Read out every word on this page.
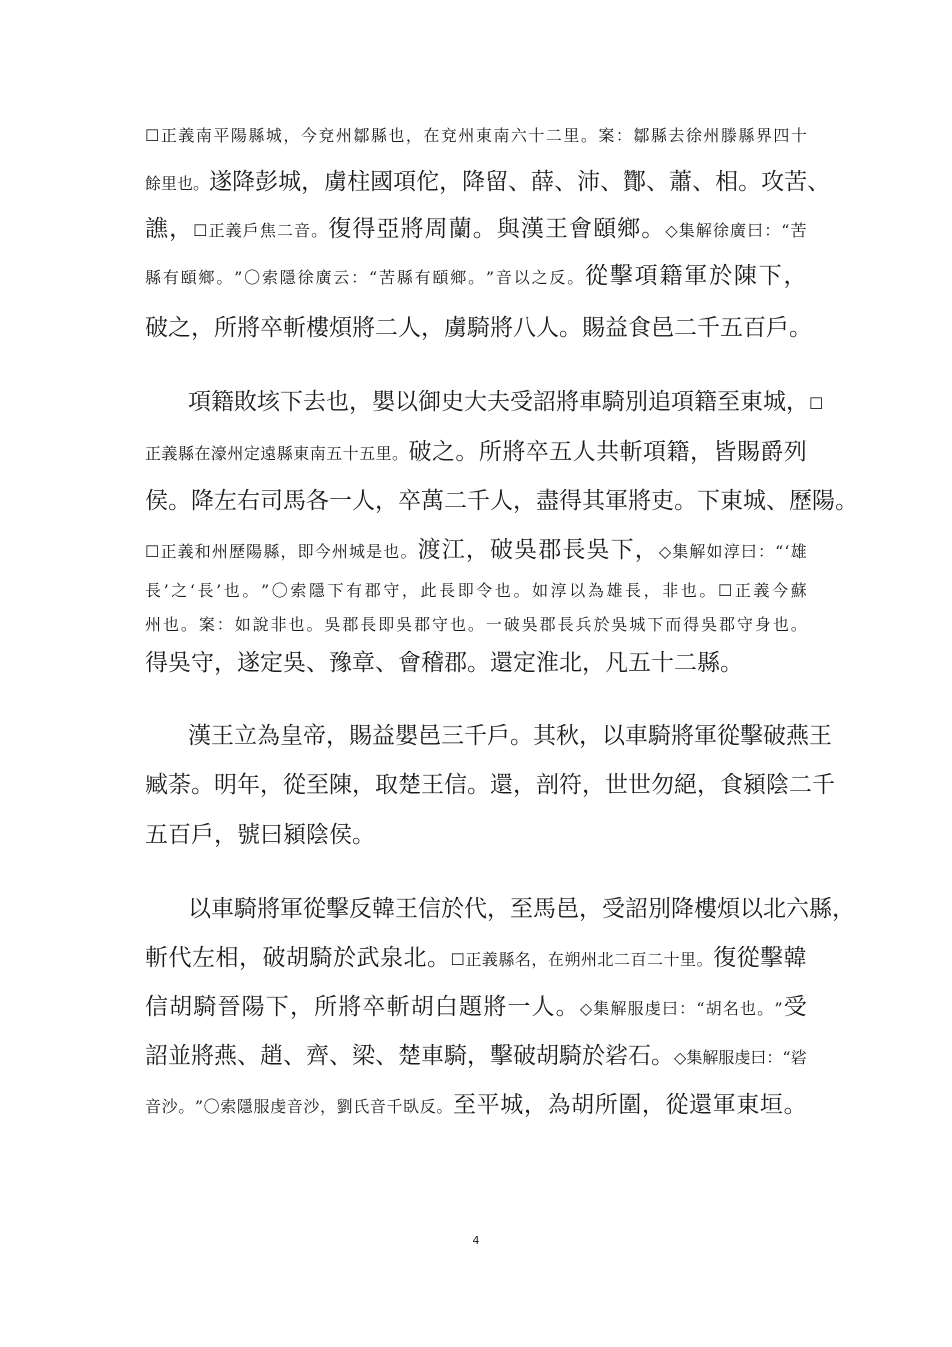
☐ 正 義 南 平 陽 縣 城 ， 今 兗 州 鄒 縣 也 ， 在 兗 州 東 南 六 十 二 里 。 案 ： 鄒 縣 去 徐 州 滕 縣 界 四 十
餘 里 也 。 遂 降 彭 城 ， 虜 柱 國 項 佗 ， 降 留 、 薛 、 沛 、 酇 、 蕭 、 相 。 攻 苦 、
譙 ， ☐ 正 義 戶 焦 二 音 。 復 得 亞 將 周 蘭 。 與 漢 王 會 頤 鄉 。 ◇ 集 解 徐 廣 曰 ： “ 苦
縣 有 頤 鄉 。 ” 〇 索 隱 徐 廣 云 ： “ 苦 縣 有 頤 鄉 。 ” 音 以 之 反 。 從 擊 項 籍 軍 於 陳 下 ，
破 之 ， 所 將 卒 斬 樓 煩 將 二 人 ， 虜 騎 將 八 人 。 賜 益 食 邑 二 千 五 百 戶 。
項 籍 敗 垓 下 去 也 ， 嬰 以 御 史 大 夫 受 詔 將 車 騎 別 追 項 籍 至 東 城 ， ☐
正 義 縣 在 濠 州 定 遠 縣 東 南 五 十 五 里 。 破 之 。 所 將 卒 五 人 共 斬 項 籍 ， 皆 賜 爵 列
侯 。 降 左 右 司 馬 各 一 人 ， 卒 萬 二 千 人 ， 盡 得 其 軍 將 吏 。 下 東 城 、 歷 陽 。
☐ 正 義 和 州 歷 陽 縣 ， 即 今 州 城 是 也 。 渡 江 ， 破 吳 郡 長 吳 下 ， ◇ 集 解 如 淳 曰 ： “ ‘ 雄
長 ’ 之 ‘ 長 ’ 也 。 ” 〇 索 隱 下 有 郡 守 ， 此 長 即 令 也 。 如 淳 以 為 雄 長 ， 非 也 。 ☐ 正 義 今 蘇
州 也 。 案 ： 如 說 非 也 。 吳 郡 長 即 吳 郡 守 也 。 一 破 吳 郡 長 兵 於 吳 城 下 而 得 吳 郡 守 身 也 。
得 吳 守 ， 遂 定 吳 、 豫 章 、 會 稽 郡 。 還 定 淮 北 ， 凡 五 十 二 縣 。
漢 王 立 為 皇 帝 ， 賜 益 嬰 邑 三 千 戶 。 其 秋 ， 以 車 騎 將 軍 從 擊 破 燕 王
臧 荼 。 明 年 ， 從 至 陳 ， 取 楚 王 信 。 還 ， 剖 符 ， 世 世 勿 絕 ， 食 潁 陰 二 千
五 百 戶 ， 號 曰 潁 陰 侯 。
以 車 騎 將 軍 從 擊 反 韓 王 信 於 代 ， 至 馬 邑 ， 受 詔 別 降 樓 煩 以 北 六 縣 ，
斬 代 左 相 ， 破 胡 騎 於 武 泉 北 。 ☐ 正 義 縣 名 ， 在 朔 州 北 二 百 二 十 里 。 復 從 擊 韓
信 胡 騎 晉 陽 下 ， 所 將 卒 斬 胡 白 題 將 一 人 。 ◇ 集 解 服 虔 曰 ： “ 胡 名 也 。 ” 受
詔 並 將 燕 、 趙 、 齊 、 梁 、 楚 車 騎 ， 擊 破 胡 騎 於 硰 石 。 ◇ 集 解 服 虔 曰 ： “ 硰
音 沙 。 ” 〇 索 隱 服 虔 音 沙 ， 劉 氏 音 千 臥 反 。 至 平 城 ， 為 胡 所 圍 ， 從 還 軍 東 垣 。
4
